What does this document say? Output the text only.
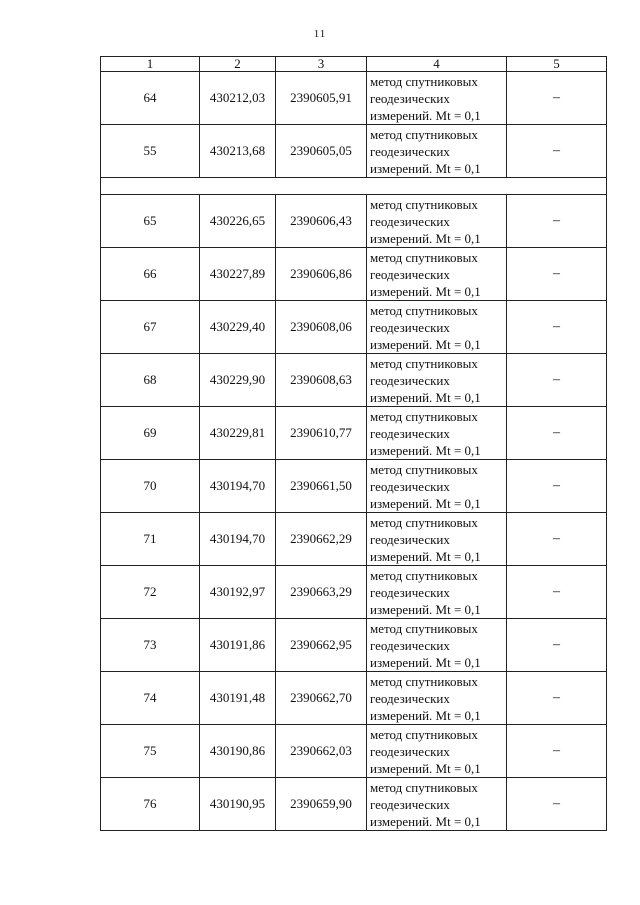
11
1	2	3	4	5
64	430212,03	2390605,91	метод спутниковых
геодезических
измерений. Mt = 0,1	–
55	430213,68	2390605,05	метод спутниковых
геодезических
измерений. Mt = 0,1	–

65	430226,65	2390606,43	метод спутниковых
геодезических
измерений. Mt = 0,1	–
66	430227,89	2390606,86	метод спутниковых
геодезических
измерений. Mt = 0,1	–
67	430229,40	2390608,06	метод спутниковых
геодезических
измерений. Mt = 0,1	–
68	430229,90	2390608,63	метод спутниковых
геодезических
измерений. Mt = 0,1	–
69	430229,81	2390610,77	метод спутниковых
геодезических
измерений. Mt = 0,1	–
70	430194,70	2390661,50	метод спутниковых
геодезических
измерений. Mt = 0,1	–
71	430194,70	2390662,29	метод спутниковых
геодезических
измерений. Mt = 0,1	–
72	430192,97	2390663,29	метод спутниковых
геодезических
измерений. Mt = 0,1	–
73	430191,86	2390662,95	метод спутниковых
геодезических
измерений. Mt = 0,1	–
74	430191,48	2390662,70	метод спутниковых
геодезических
измерений. Mt = 0,1	–
75	430190,86	2390662,03	метод спутниковых
геодезических
измерений. Mt = 0,1	–
76	430190,95	2390659,90	метод спутниковых
геодезических
измерений. Mt = 0,1	–
